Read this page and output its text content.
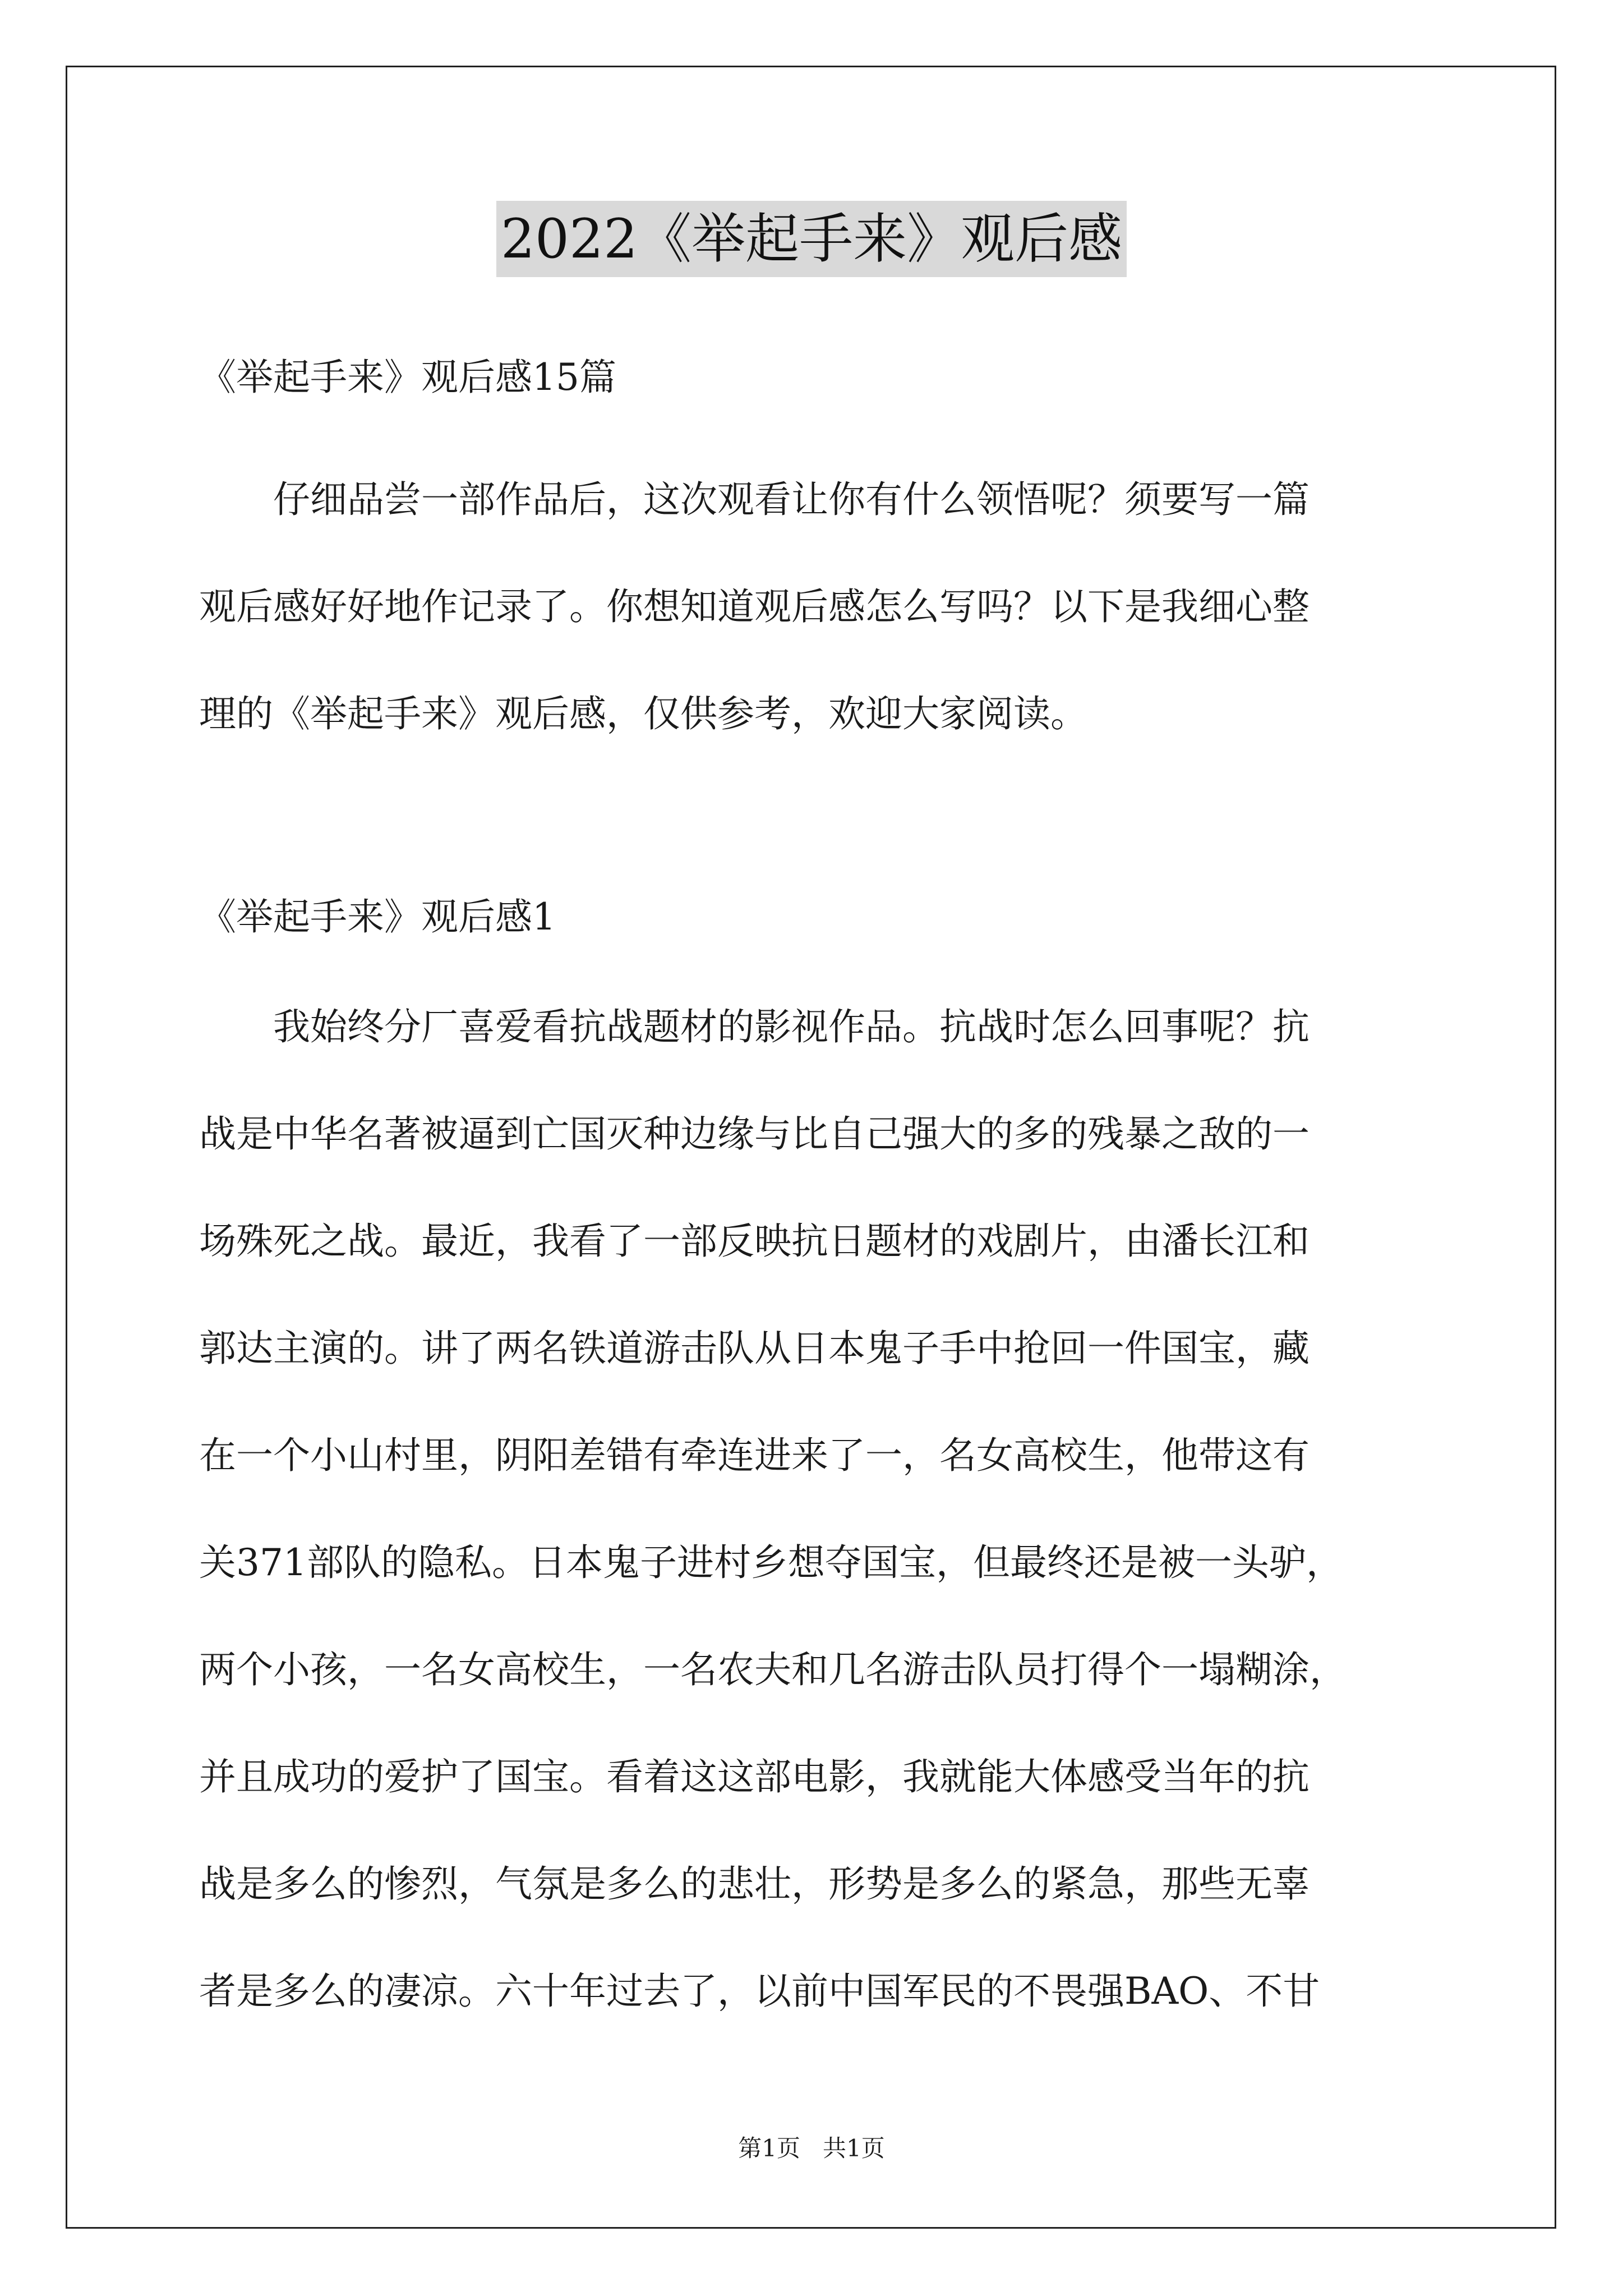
2022《举起手来》观后感
《举起手来》观后感15篇

仔细品尝一部作品后，这次观看让你有什么领悟呢？须要写一篇
观后感好好地作记录了。你想知道观后感怎么写吗？以下是我细心整
理的《举起手来》观后感，仅供参考，欢迎大家阅读。

《举起手来》观后感1

我始终分厂喜爱看抗战题材的影视作品。抗战时怎么回事呢？抗
战是中华名著被逼到亡国灭种边缘与比自己强大的多的残暴之敌的一
场殊死之战。最近，我看了一部反映抗日题材的戏剧片，由潘长江和
郭达主演的。讲了两名铁道游击队从日本鬼子手中抢回一件国宝，藏
在一个小山村里，阴阳差错有牵连进来了一，名女高校生，他带这有
关371部队的隐私。日本鬼子进村乡想夺国宝，但最终还是被一头驴，
两个小孩，一名女高校生，一名农夫和几名游击队员打得个一塌糊涂，
并且成功的爱护了国宝。看着这这部电影，我就能大体感受当年的抗
战是多么的惨烈，气氛是多么的悲壮，形势是多么的紧急，那些无辜
者是多么的凄凉。六十年过去了，以前中国军民的不畏强BAO、不甘

第1页   共1页
